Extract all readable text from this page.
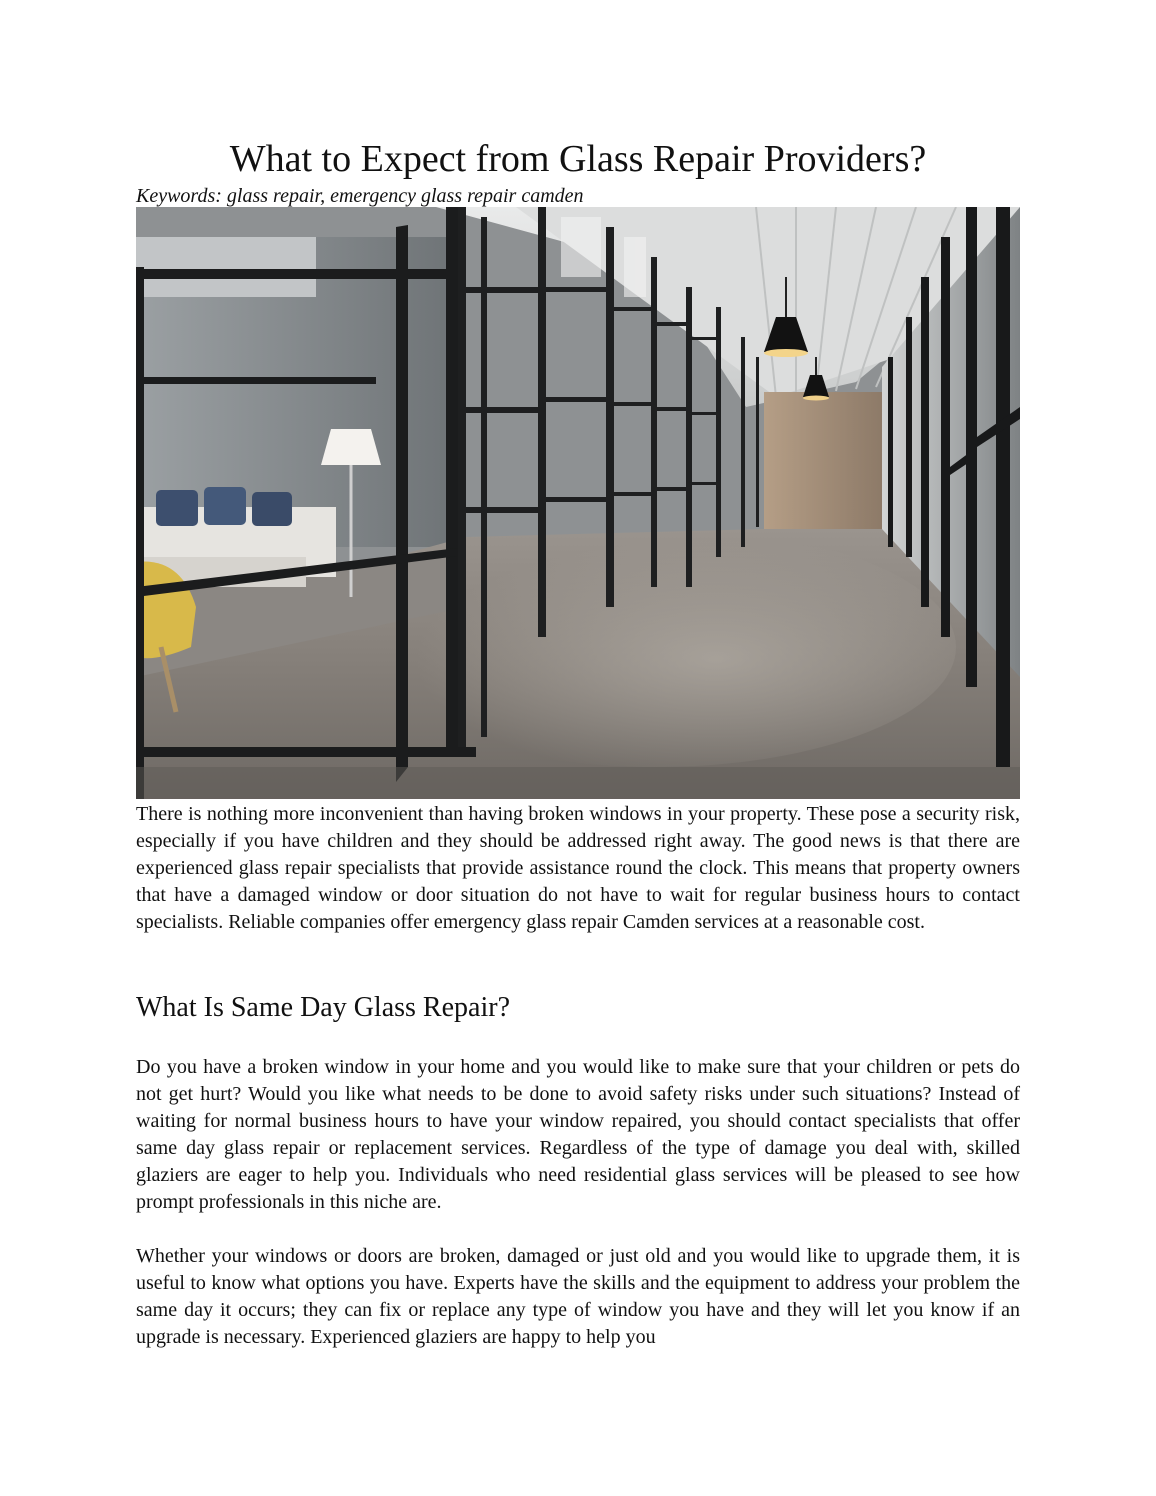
What to Expect from Glass Repair Providers?

Keywords: glass repair, emergency glass repair camden

There is nothing more inconvenient than having broken windows in your property. These pose a security risk, especially if you have children and they should be addressed right away. The good news is that there are experienced glass repair specialists that provide assistance round the clock. This means that property owners that have a damaged window or door situation do not have to wait for regular business hours to contact specialists. Reliable companies offer emergency glass repair Camden services at a reasonable cost.

What Is Same Day Glass Repair?

Do you have a broken window in your home and you would like to make sure that your children or pets do not get hurt? Would you like what needs to be done to avoid safety risks under such situations? Instead of waiting for normal business hours to have your window repaired, you should contact specialists that offer same day glass repair or replacement services. Regardless of the type of damage you deal with, skilled glaziers are eager to help you. Individuals who need residential glass services will be pleased to see how prompt professionals in this niche are.

Whether your windows or doors are broken, damaged or just old and you would like to upgrade them, it is useful to know what options you have. Experts have the skills and the equipment to address your problem the same day it occurs; they can fix or replace any type of window you have and they will let you know if an upgrade is necessary. Experienced glaziers are happy to help you
